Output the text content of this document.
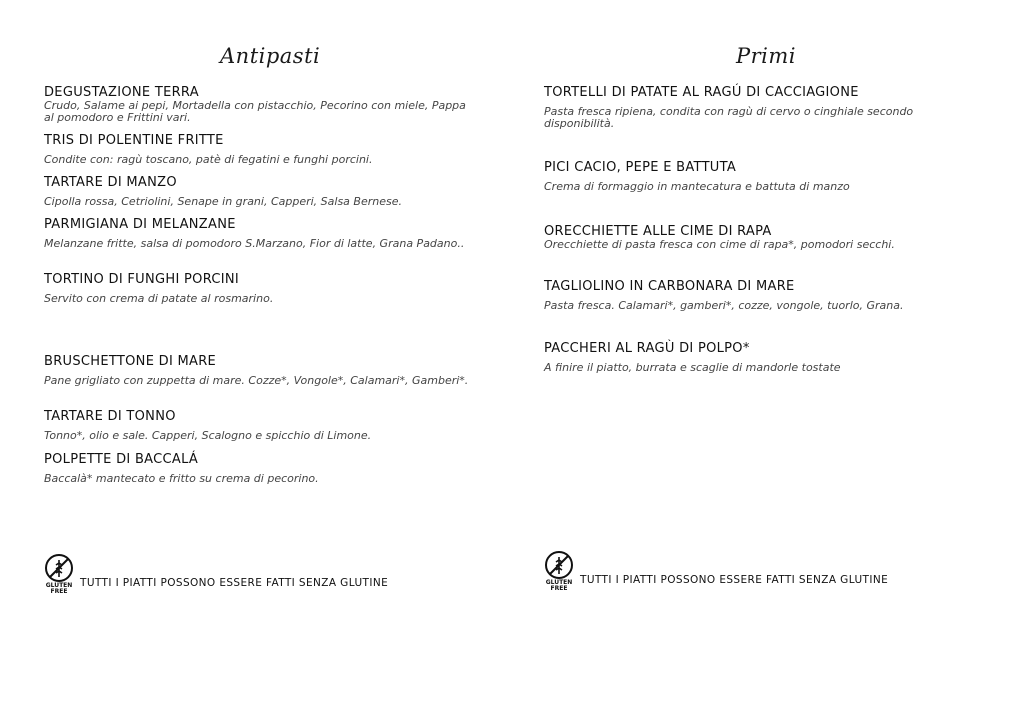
Antipasti
DEGUSTAZIONE TERRA
Crudo, Salame ai pepi, Mortadella con pistacchio, Pecorino con miele, Pappa al pomodoro e Frittini vari.
TRIS DI POLENTINE FRITTE
Condite con: ragù toscano, patè di fegatini e funghi porcini.
TARTARE DI MANZO
Cipolla rossa, Cetriolini, Senape in grani, Capperi, Salsa Bernese.
PARMIGIANA DI MELANZANE
Melanzane fritte, salsa di pomodoro S.Marzano, Fior di latte, Grana Padano..
TORTINO DI FUNGHI PORCINI
Servito con crema di patate al rosmarino.
BRUSCHETTONE DI MARE
Pane grigliato con zuppetta di mare. Cozze*, Vongole*, Calamari*, Gamberi*.
TARTARE DI TONNO
Tonno*, olio e sale. Capperi, Scalogno e spicchio di Limone.
POLPETTE DI BACCALÁ
Baccalà* mantecato e fritto su crema di pecorino.
GLUTEN
FREE
TUTTI I PIATTI POSSONO ESSERE FATTI SENZA GLUTINE
Primi
TORTELLI DI PATATE AL RAGÚ DI CACCIAGIONE
Pasta fresca ripiena, condita con ragù di cervo o cinghiale secondo disponibilità.
PICI CACIO, PEPE E BATTUTA
Crema di formaggio in mantecatura e battuta di manzo
ORECCHIETTE ALLE CIME DI RAPA
Orecchiette di pasta fresca con cime di rapa*, pomodori secchi.
TAGLIOLINO IN CARBONARA DI MARE
Pasta fresca. Calamari*, gamberi*, cozze, vongole, tuorlo, Grana.
PACCHERI AL RAGÙ DI POLPO*
A finire il piatto, burrata e scaglie di mandorle tostate
GLUTEN
FREE
TUTTI I PIATTI POSSONO ESSERE FATTI SENZA GLUTINE
